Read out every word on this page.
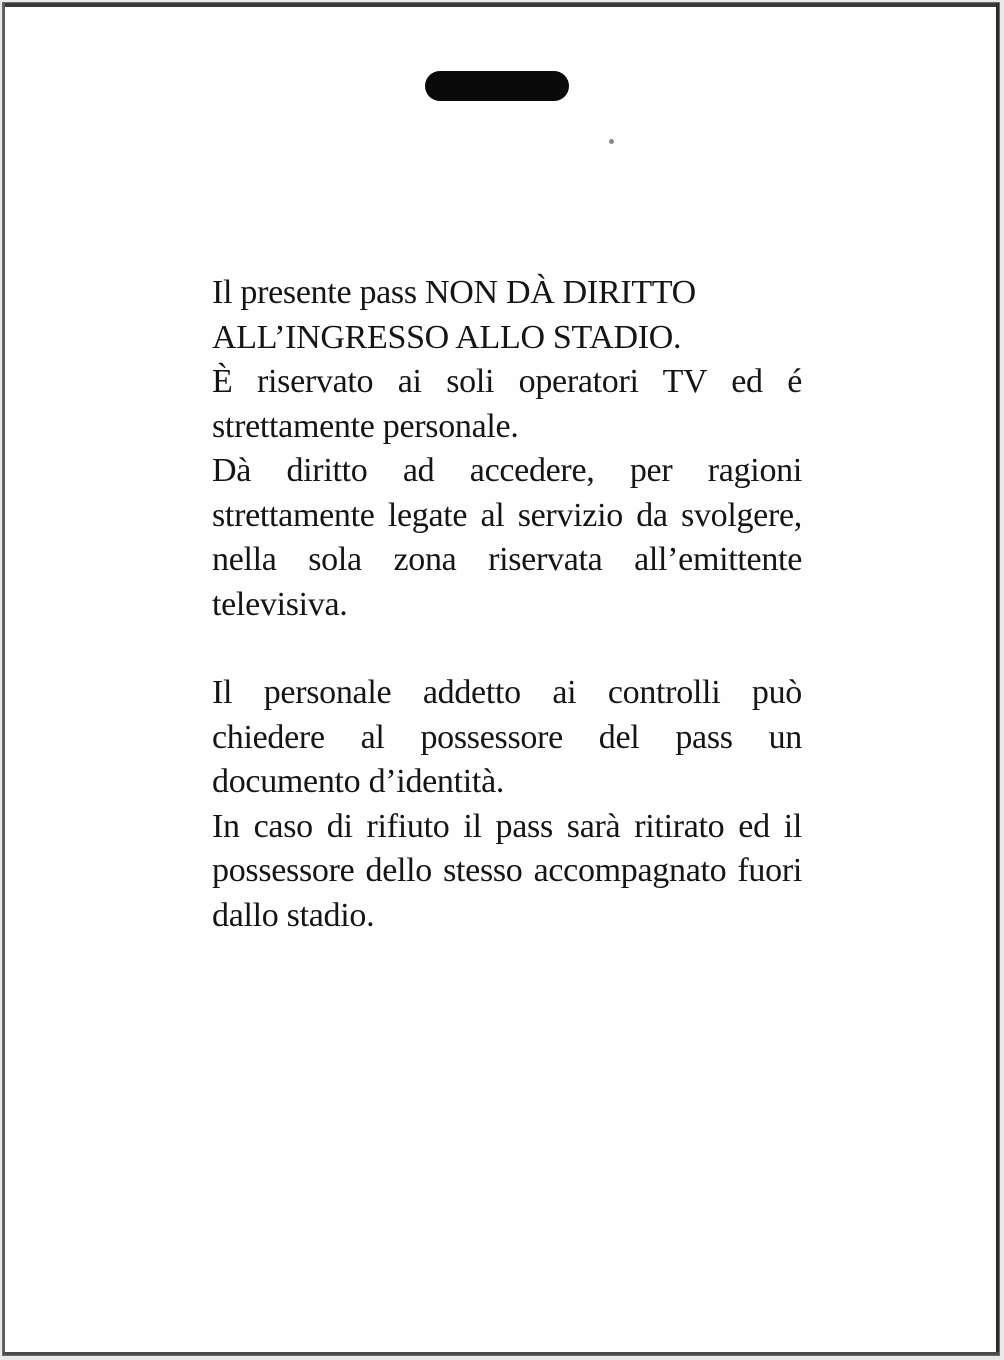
Il presente pass NON DÀ DIRITTO

ALL’INGRESSO ALLO STADIO.

È riservato ai soli operatori TV ed é strettamente personale.

Dà diritto ad accedere, per ragioni strettamente legate al servizio da svolgere, nella sola zona riservata all’emittente televisiva.

Il personale addetto ai controlli può chiedere al possessore del pass un documento d’identità.

In caso di rifiuto il pass sarà ritirato ed il possessore dello stesso accompagnato fuori dallo stadio.
